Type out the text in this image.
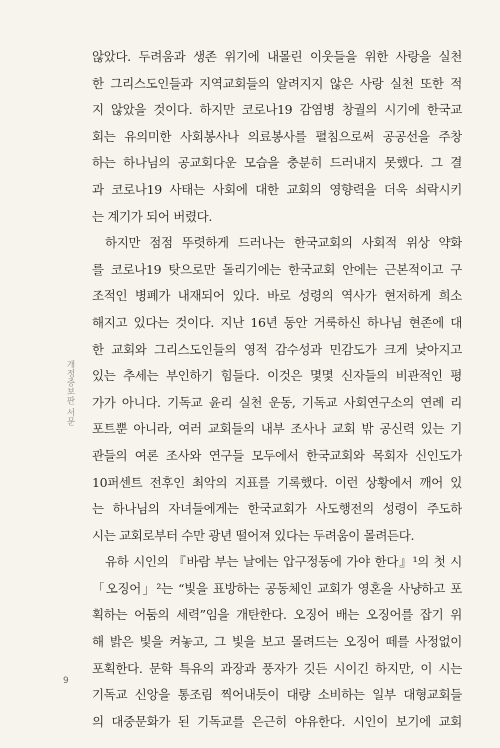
개정증보판 서문
않았다. 두려움과 생존 위기에 내몰린 이웃들을 위한 사랑을 실천
한 그리스도인들과 지역교회들의 알려지지 않은 사랑 실천 또한 적
지 않았을 것이다. 하지만 코로나19 감염병 창궐의 시기에 한국교
회는 유의미한 사회봉사나 의료봉사를 펼침으로써 공공선을 주창
하는 하나님의 공교회다운 모습을 충분히 드러내지 못했다. 그 결
과 코로나19 사태는 사회에 대한 교회의 영향력을 더욱 쇠락시키
는 계기가 되어 버렸다.
하지만 점점 뚜렷하게 드러나는 한국교회의 사회적 위상 약화
를 코로나19 탓으로만 돌리기에는 한국교회 안에는 근본적이고 구
조적인 병폐가 내재되어 있다. 바로 성령의 역사가 현저하게 희소
해지고 있다는 것이다. 지난 16년 동안 거룩하신 하나님 현존에 대
한 교회와 그리스도인들의 영적 감수성과 민감도가 크게 낮아지고
있는 추세는 부인하기 힘들다. 이것은 몇몇 신자들의 비관적인 평
가가 아니다. 기독교 윤리 실천 운동, 기독교 사회연구소의 연례 리
포트뿐 아니라, 여러 교회들의 내부 조사나 교회 밖 공신력 있는 기
관들의 여론 조사와 연구들 모두에서 한국교회와 목회자 신인도가
10퍼센트 전후인 최악의 지표를 기록했다. 이런 상황에서 깨어 있
는 하나님의 자녀들에게는 한국교회가 사도행전의 성령이 주도하
시는 교회로부터 수만 광년 떨어져 있다는 두려움이 몰려든다.
유하 시인의 『바람 부는 날에는 압구정동에 가야 한다』¹의 첫 시
「오징어」²는 “빛을 표방하는 공동체인 교회가 영혼을 사냥하고 포
획하는 어둠의 세력”임을 개탄한다. 오징어 배는 오징어를 잡기 위
해 밝은 빛을 켜놓고, 그 빛을 보고 몰려드는 오징어 떼를 사정없이
포획한다. 문학 특유의 과장과 풍자가 깃든 시이긴 하지만, 이 시는
기독교 신앙을 통조림 찍어내듯이 대량 소비하는 일부 대형교회들
의 대중문화가 된 기독교를 은근히 야유한다. 시인이 보기에 교회
9
